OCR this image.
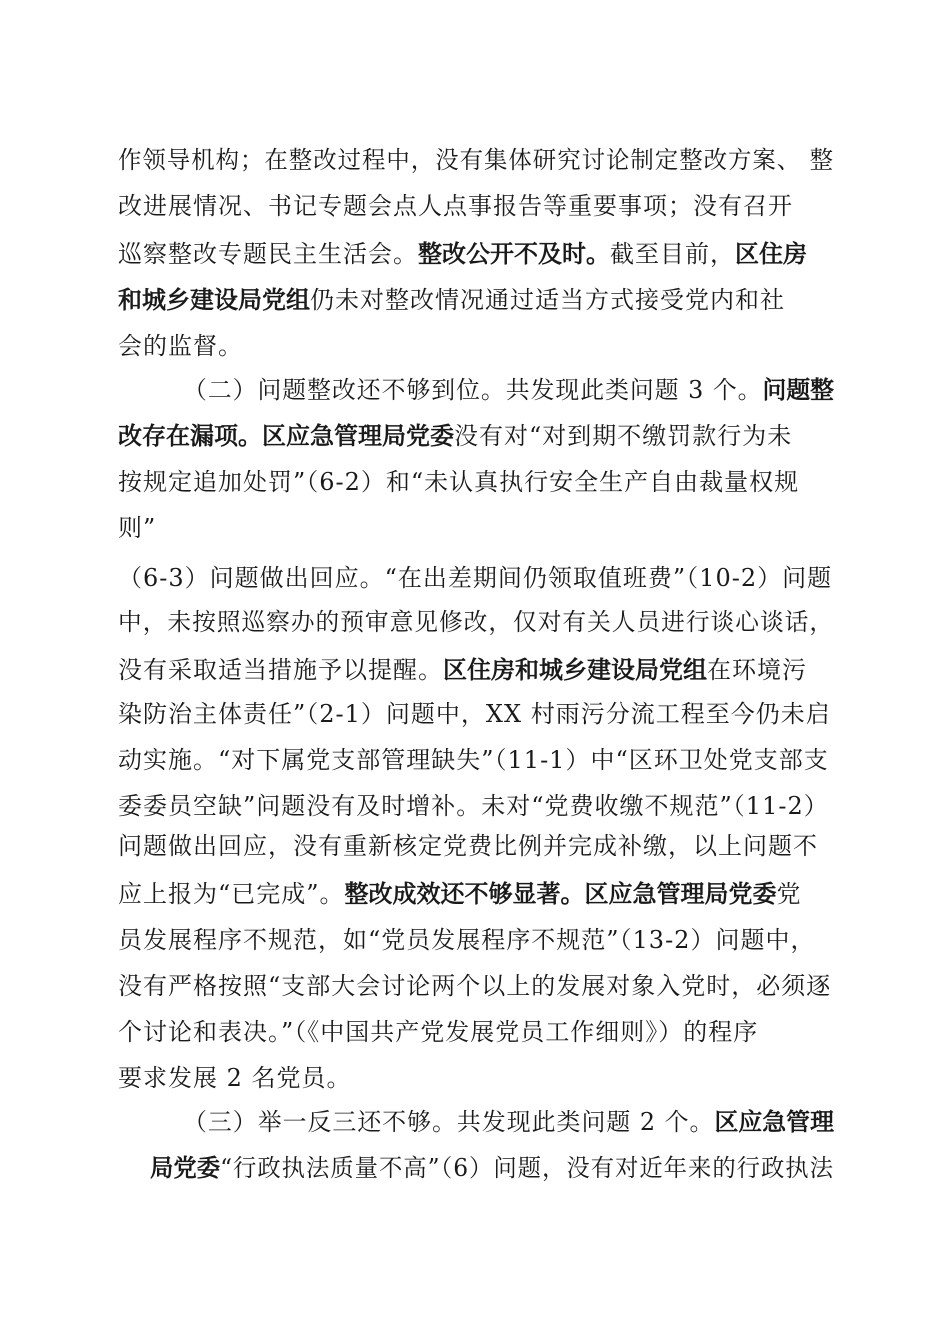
作领导机构；在整改过程中，没有集体研究讨论制定整改方案、 整
改进展情况、书记专题会点人点事报告等重要事项；没有召开
巡察整改专题民主生活会。整改公开不及时。截至目前，区住房
和城乡建设局党组仍未对整改情况通过适当方式接受党内和社
会的监督。
（二）问题整改还不够到位。共发现此类问题 3 个。问题整
改存在漏项。区应急管理局党委没有对“对到期不缴罚款行为未
按规定追加处罚”（6-2）和“未认真执行安全生产自由裁量权规
则”
（6-3）问题做出回应。“在出差期间仍领取值班费”（10-2）问题
中，未按照巡察办的预审意见修改，仅对有关人员进行谈心谈话，
没有采取适当措施予以提醒。区住房和城乡建设局党组在环境污
染防治主体责任”（2-1）问题中，XX 村雨污分流工程至今仍未启
动实施。“对下属党支部管理缺失”（11-1）中“区环卫处党支部支
委委员空缺”问题没有及时增补。未对“党费收缴不规范”（11-2）
问题做出回应，没有重新核定党费比例并完成补缴，以上问题不
应上报为“已完成”。整改成效还不够显著。区应急管理局党委党
员发展程序不规范，如“党员发展程序不规范”（13-2）问题中，
没有严格按照“支部大会讨论两个以上的发展对象入党时，必须逐
个讨论和表决。”（《中国共产党发展党员工作细则》）的程序
要求发展 2 名党员。
（三）举一反三还不够。共发现此类问题 2 个。区应急管理
局党委“行政执法质量不高”（6）问题，没有对近年来的行政执法
